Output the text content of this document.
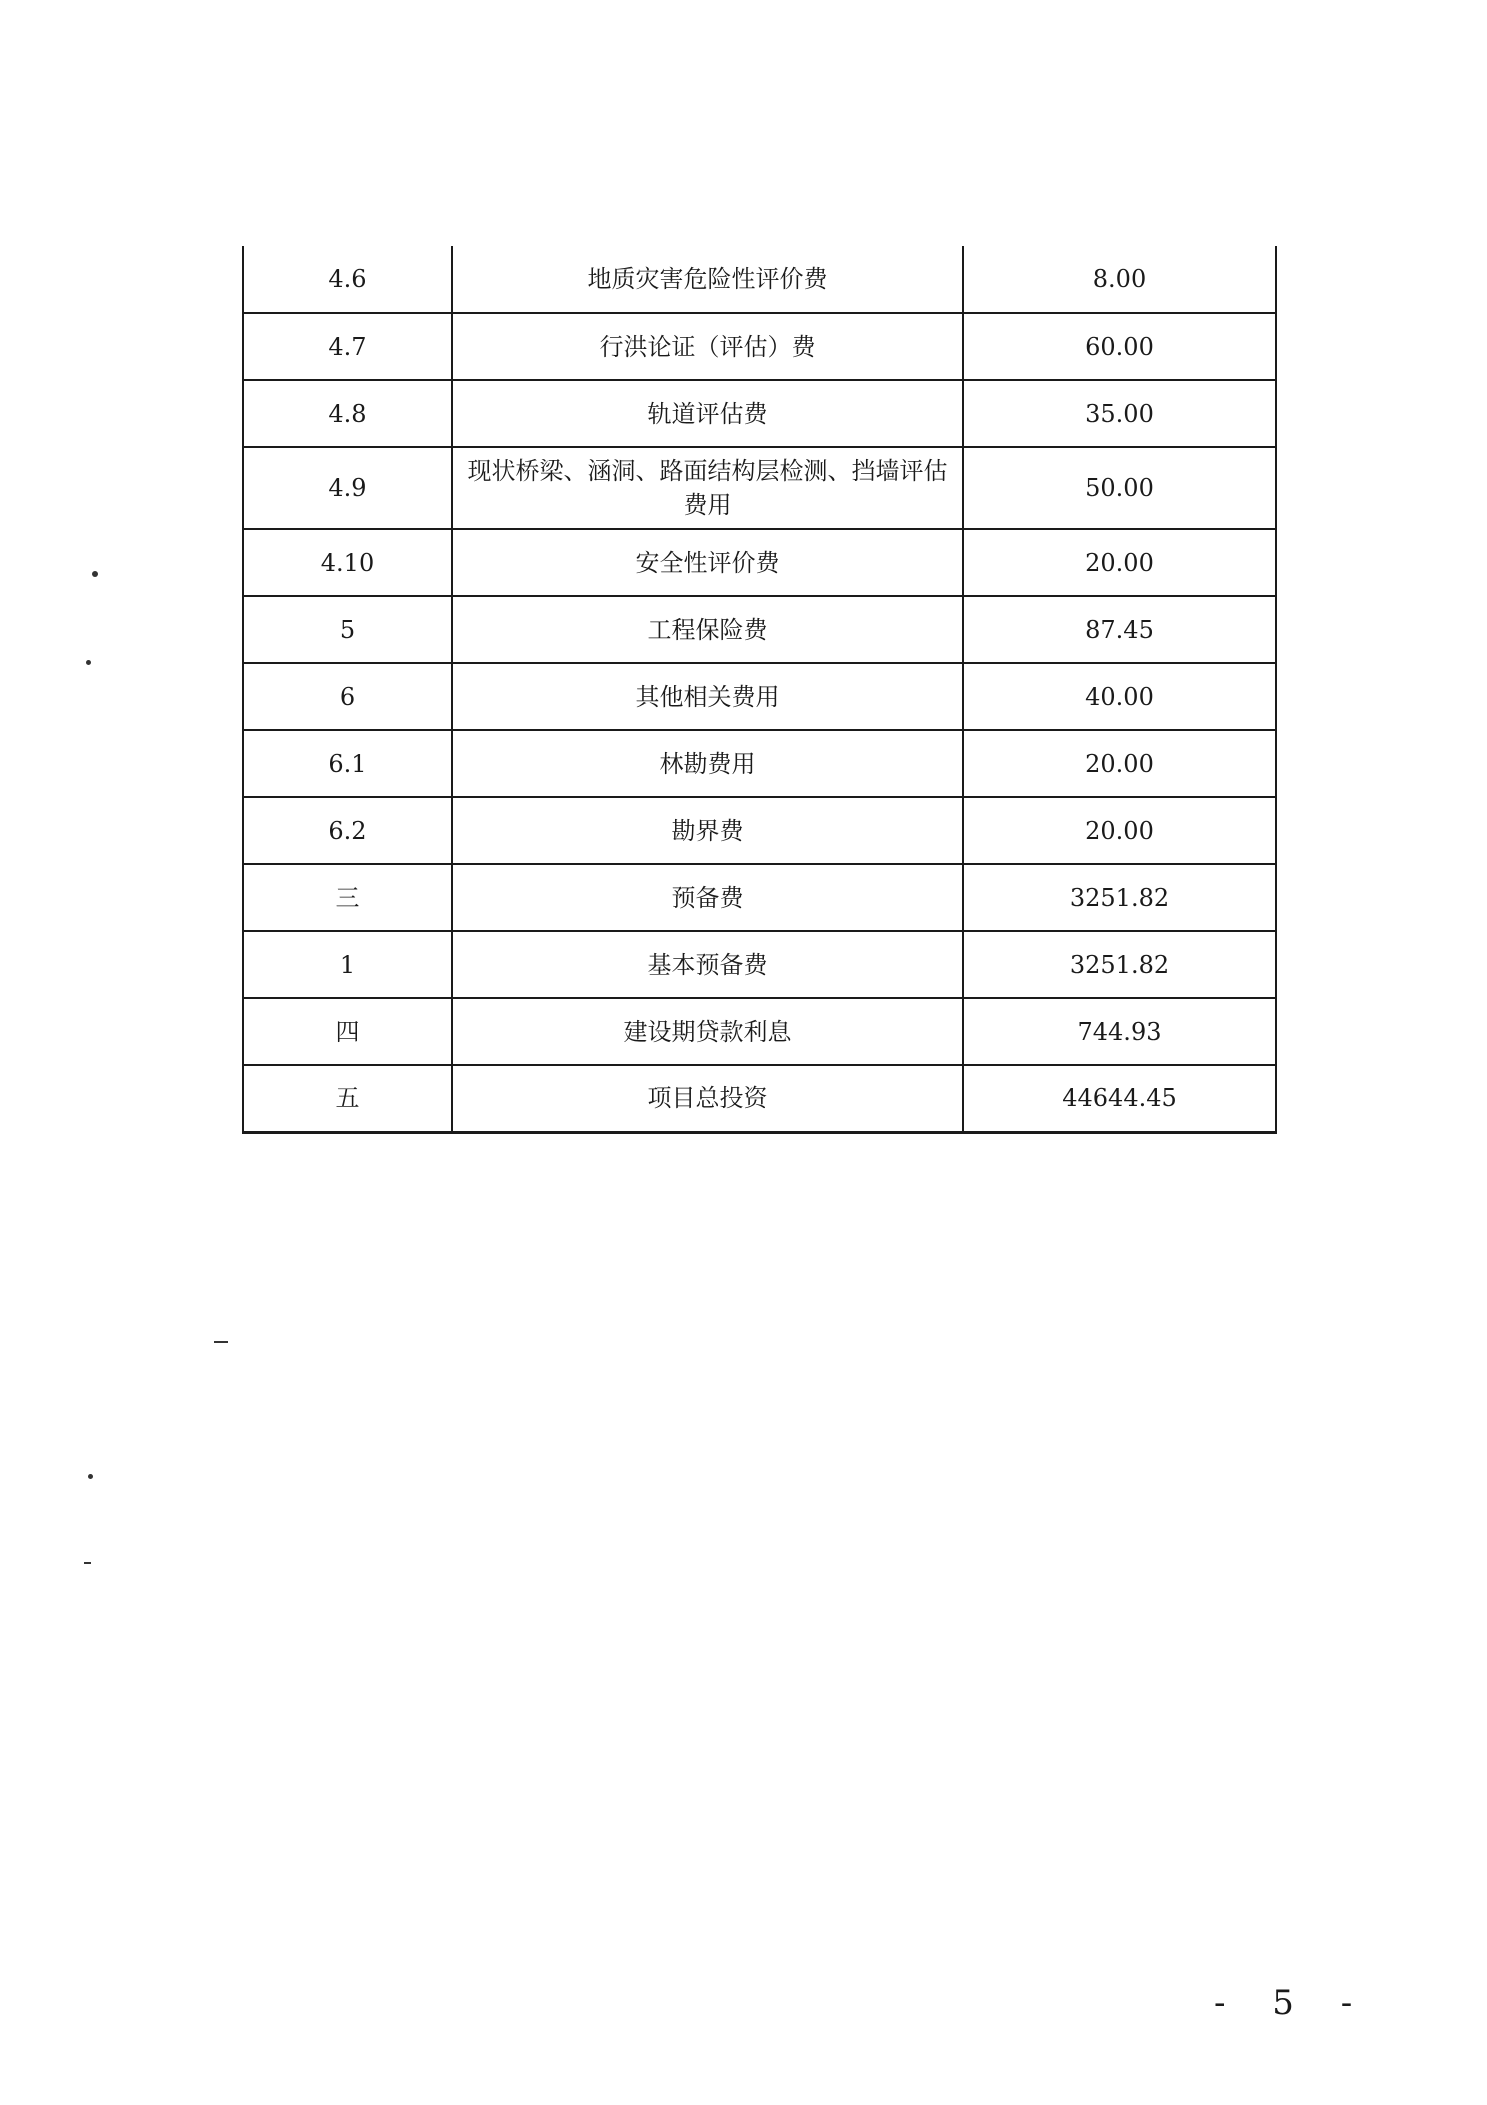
4.6	地质灾害危险性评价费	8.00
4.7	行洪论证（评估）费	60.00
4.8	轨道评估费	35.00
4.9	现状桥梁、涵洞、路面结构层检测、挡墙评估费用	50.00
4.10	安全性评价费	20.00
5	工程保险费	87.45
6	其他相关费用	40.00
6.1	林勘费用	20.00
6.2	勘界费	20.00
三	预备费	3251.82
1	基本预备费	3251.82
四	建设期贷款利息	744.93
五	项目总投资	44644.45
- 5 -
